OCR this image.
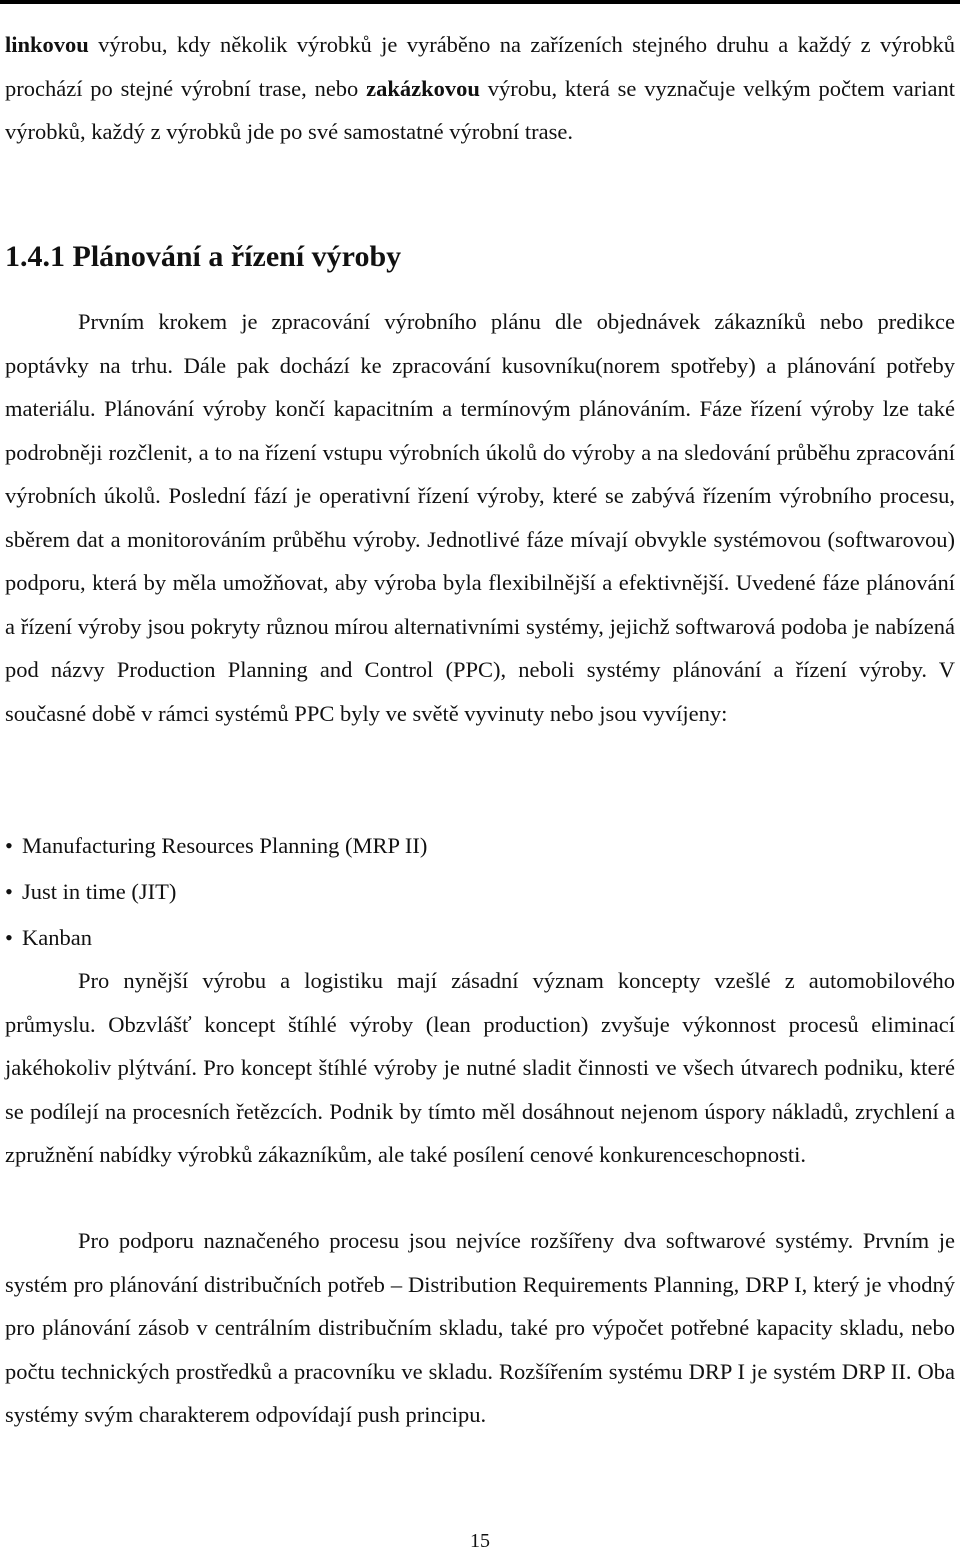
linkovou výrobu, kdy několik výrobků je vyráběno na zařízeních stejného druhu a každý z výrobků prochází po stejné výrobní trase, nebo zakázkovou výrobu, která se vyznačuje velkým počtem variant výrobků, každý z výrobků jde po své samostatné výrobní trase.

1.4.1 Plánování a řízení výroby

Prvním krokem je zpracování výrobního plánu dle objednávek zákazníků nebo predikce poptávky na trhu. Dále pak dochází ke zpracování kusovníku(norem spotřeby) a plánování potřeby materiálu. Plánování výroby končí kapacitním a termínovým plánováním. Fáze řízení výroby lze také podrobněji rozčlenit, a to na řízení vstupu výrobních úkolů do výroby a na sledování průběhu zpracování výrobních úkolů. Poslední fází je operativní řízení výroby, které se zabývá řízením výrobního procesu, sběrem dat a monitorováním průběhu výroby. Jednotlivé fáze mívají obvykle systémovou (softwarovou) podporu, která by měla umožňovat, aby výroba byla flexibilnější a efektivnější. Uvedené fáze plánování a řízení výroby jsou pokryty různou mírou alternativními systémy, jejichž softwarová podoba je nabízená pod názvy Production Planning and Control (PPC), neboli systémy plánování a řízení výroby. V současné době v rámci systémů PPC byly ve světě vyvinuty nebo jsou vyvíjeny:

• Manufacturing Resources Planning (MRP II)
• Just in time (JIT)
• Kanban

Pro nynější výrobu a logistiku mají zásadní význam koncepty vzešlé z automobilového průmyslu. Obzvlášť koncept štíhlé výroby (lean production) zvyšuje výkonnost procesů eliminací jakéhokoliv plýtvání. Pro koncept štíhlé výroby je nutné sladit činnosti ve všech útvarech podniku, které se podílejí na procesních řetězcích. Podnik by tímto měl dosáhnout nejenom úspory nákladů, zrychlení a zpružnění nabídky výrobků zákazníkům, ale také posílení cenové konkurenceschopnosti.

Pro podporu naznačeného procesu jsou nejvíce rozšířeny dva softwarové systémy. Prvním je systém pro plánování distribučních potřeb – Distribution Requirements Planning, DRP I, který je vhodný pro plánování zásob v centrálním distribučním skladu, také pro výpočet potřebné kapacity skladu, nebo počtu technických prostředků a pracovníku ve skladu. Rozšířením systému DRP I je systém DRP II. Oba systémy svým charakterem odpovídají push principu.

15
